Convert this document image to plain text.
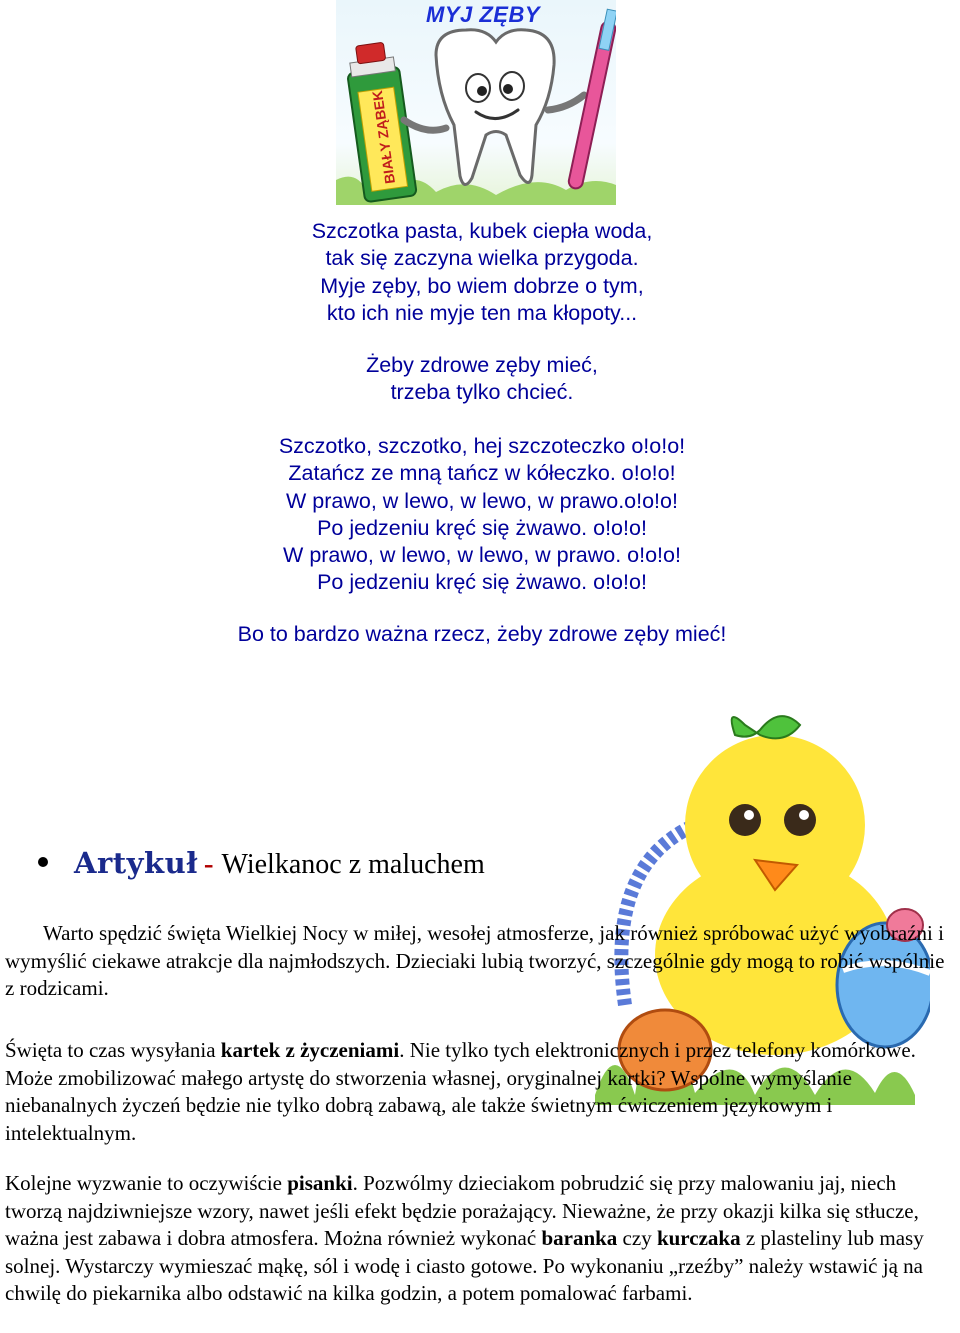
BIAŁY ZĄBEK
MYJ ZĘBY
Szczotka pasta, kubek ciepła woda,
tak się zaczyna wielka przygoda.
Myje zęby, bo wiem dobrze o tym,
kto ich nie myje ten ma kłopoty...
Żeby zdrowe zęby mieć,
trzeba tylko chcieć.
Szczotko, szczotko, hej szczoteczko o!o!o!
Zatańcz ze mną tańcz w kółeczko. o!o!o!
W prawo, w lewo, w lewo, w prawo.o!o!o!
Po jedzeniu kręć się żwawo. o!o!o!
W prawo, w lewo, w lewo, w prawo. o!o!o!
Po jedzeniu kręć się żwawo. o!o!o!
Bo to bardzo ważna rzecz, żeby zdrowe zęby mieć!
Artykuł - Wielkanoc z maluchem

Warto spędzić święta Wielkiej Nocy w miłej, wesołej atmosferze, jak również spróbować użyć wyobraźni i wymyślić ciekawe atrakcje dla najmłodszych. Dzieciaki lubią tworzyć, szczególnie gdy mogą to robić wspólnie z rodzicami.

Święta to czas wysyłania kartek z życzeniami. Nie tylko tych elektronicznych i przez telefony komórkowe. Może zmobilizować małego artystę do stworzenia własnej, oryginalnej kartki? Wspólne wymyślanie niebanalnych życzeń będzie nie tylko dobrą zabawą, ale także świetnym ćwiczeniem językowym i intelektualnym.

Kolejne wyzwanie to oczywiście pisanki. Pozwólmy dzieciakom pobrudzić się przy malowaniu jaj, niech tworzą najdziwniejsze wzory, nawet jeśli efekt będzie porażający. Nieważne, że przy okazji kilka się stłucze, ważna jest zabawa i dobra atmosfera. Można również wykonać baranka czy kurczaka z plasteliny lub masy solnej. Wystarczy wymieszać mąkę, sól i wodę i ciasto gotowe. Po wykonaniu „rzeźby” należy wstawić ją na chwilę do piekarnika albo odstawić na kilka godzin, a potem pomalować farbami.
